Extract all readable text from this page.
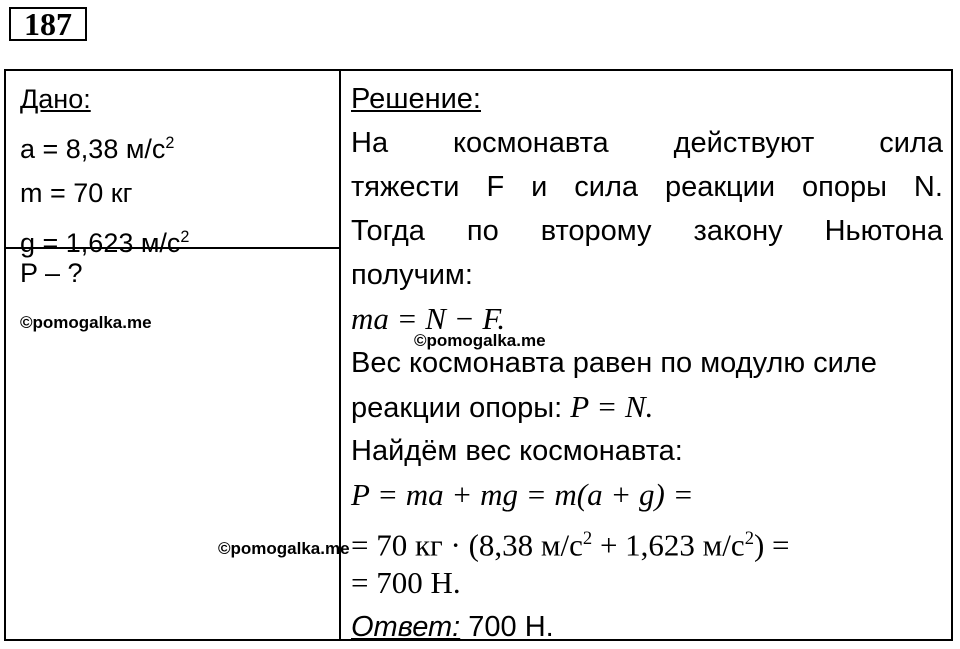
187
Дано:
a = 8,38 $м/с^2$
m = 70 кг
g = 1,623 $м/с^2$
P – ?
©pomogalka.me
Решение:
На космонавта действуют сила
тяжести F и сила реакции опоры N.
Тогда по второму закону Ньютона
получим:
ma = N − F.
Вес космонавта равен по модулю силе
реакции опоры: P = N.
Найдём вес космонавта:
P = ma + mg = m(a + g) =
= 70 кг · (8,38 $м/с^2 + 1,623$ $м/с^2$) =
= 700 Н.
Ответ: 700 Н.
©pomogalka.me
©pomogalka.me
